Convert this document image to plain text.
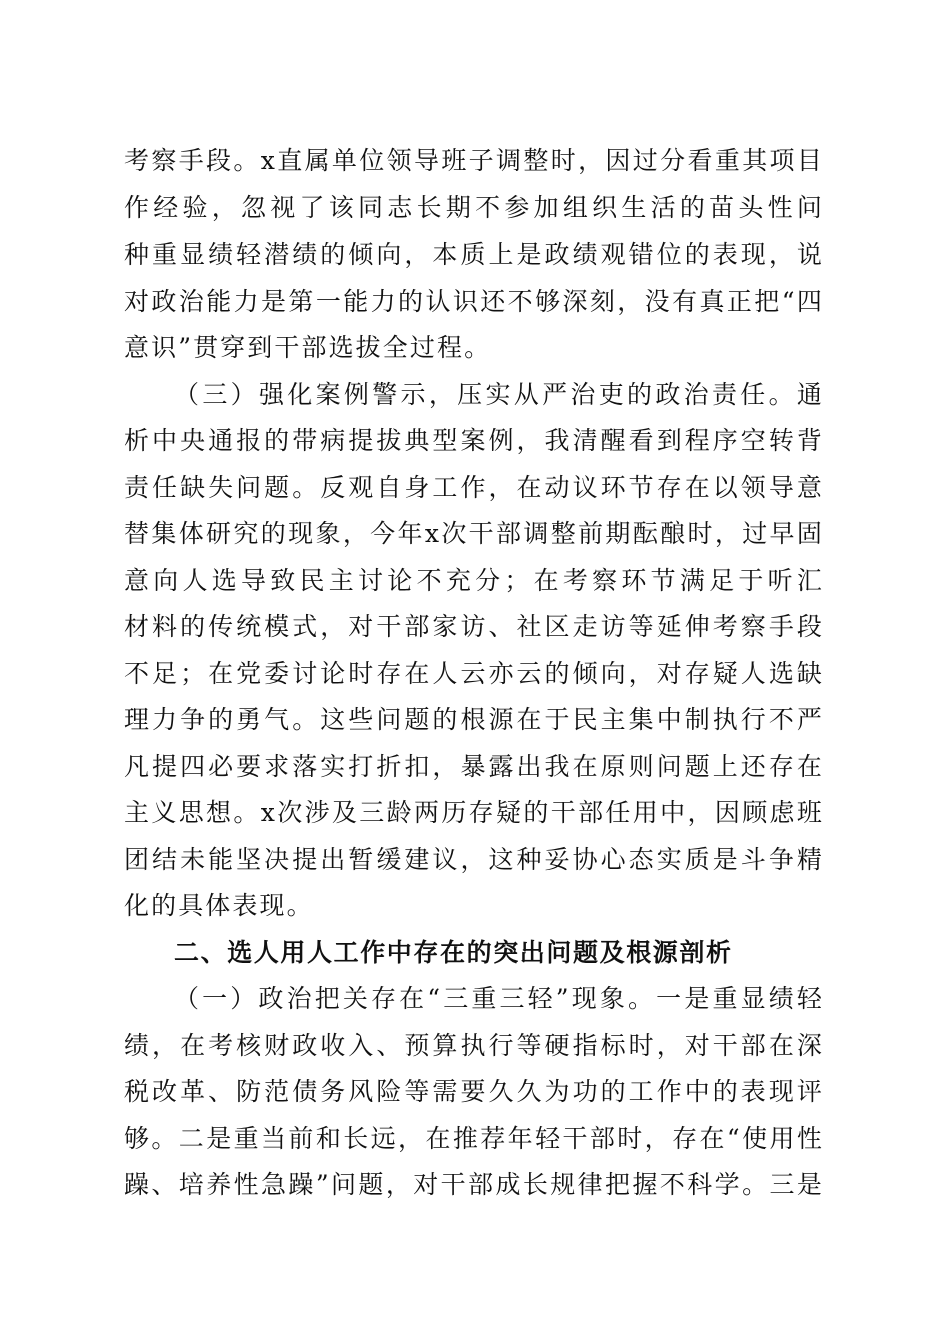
考察手段。x直属单位领导班子调整时，因过分看重其项目
作经验，忽视了该同志长期不参加组织生活的苗头性问
种重显绩轻潜绩的倾向，本质上是政绩观错位的表现，说
对政治能力是第一能力的认识还不够深刻，没有真正把“四
意识”贯穿到干部选拔全过程。
（三）强化案例警示，压实从严治吏的政治责任。通
析中央通报的带病提拔典型案例，我清醒看到程序空转背
责任缺失问题。反观自身工作，在动议环节存在以领导意
替集体研究的现象，今年x次干部调整前期酝酿时，过早固
意向人选导致民主讨论不充分；在考察环节满足于听汇
材料的传统模式，对干部家访、社区走访等延伸考察手段
不足；在党委讨论时存在人云亦云的倾向，对存疑人选缺
理力争的勇气。这些问题的根源在于民主集中制执行不严
凡提四必要求落实打折扣，暴露出我在原则问题上还存在
主义思想。x次涉及三龄两历存疑的干部任用中，因顾虑班
团结未能坚决提出暂缓建议，这种妥协心态实质是斗争精
化的具体表现。
二、选人用人工作中存在的突出问题及根源剖析
（一）政治把关存在“三重三轻”现象。一是重显绩轻
绩，在考核财政收入、预算执行等硬指标时，对干部在深
税改革、防范债务风险等需要久久为功的工作中的表现评
够。二是重当前和长远，在推荐年轻干部时，存在“使用性
躁、培养性急躁”问题，对干部成长规律把握不科学。三是
